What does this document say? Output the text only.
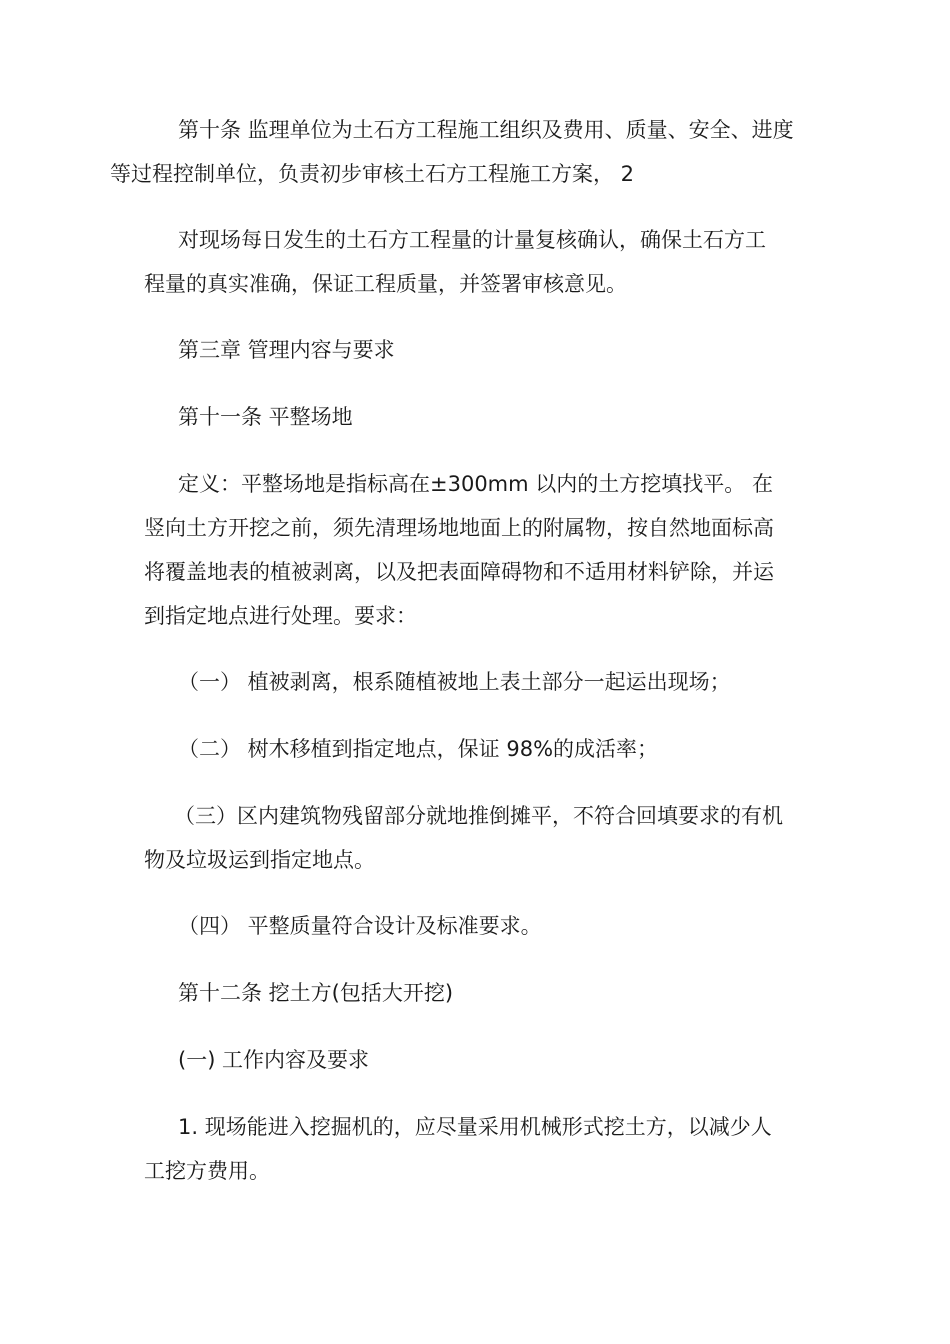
第十条 监理单位为土石方工程施工组织及费用、质量、安全、进度
等过程控制单位，负责初步审核土石方工程施工方案， 2

对现场每日发生的土石方工程量的计量复核确认，确保土石方工
程量的真实准确，保证工程质量，并签署审核意见。

第三章 管理内容与要求

第十一条 平整场地

定义：平整场地是指标高在±300mm 以内的土方挖填找平。 在
竖向土方开挖之前，须先清理场地地面上的附属物，按自然地面标高
将覆盖地表的植被剥离，以及把表面障碍物和不适用材料铲除，并运
到指定地点进行处理。要求：

（一） 植被剥离，根系随植被地上表土部分一起运出现场；

（二） 树木移植到指定地点，保证 98%的成活率；

（三）区内建筑物残留部分就地推倒摊平，不符合回填要求的有机
物及垃圾运到指定地点。

（四） 平整质量符合设计及标准要求。

第十二条 挖土方(包括大开挖)

(一) 工作内容及要求

1. 现场能进入挖掘机的，应尽量采用机械形式挖土方，以减少人
工挖方费用。
